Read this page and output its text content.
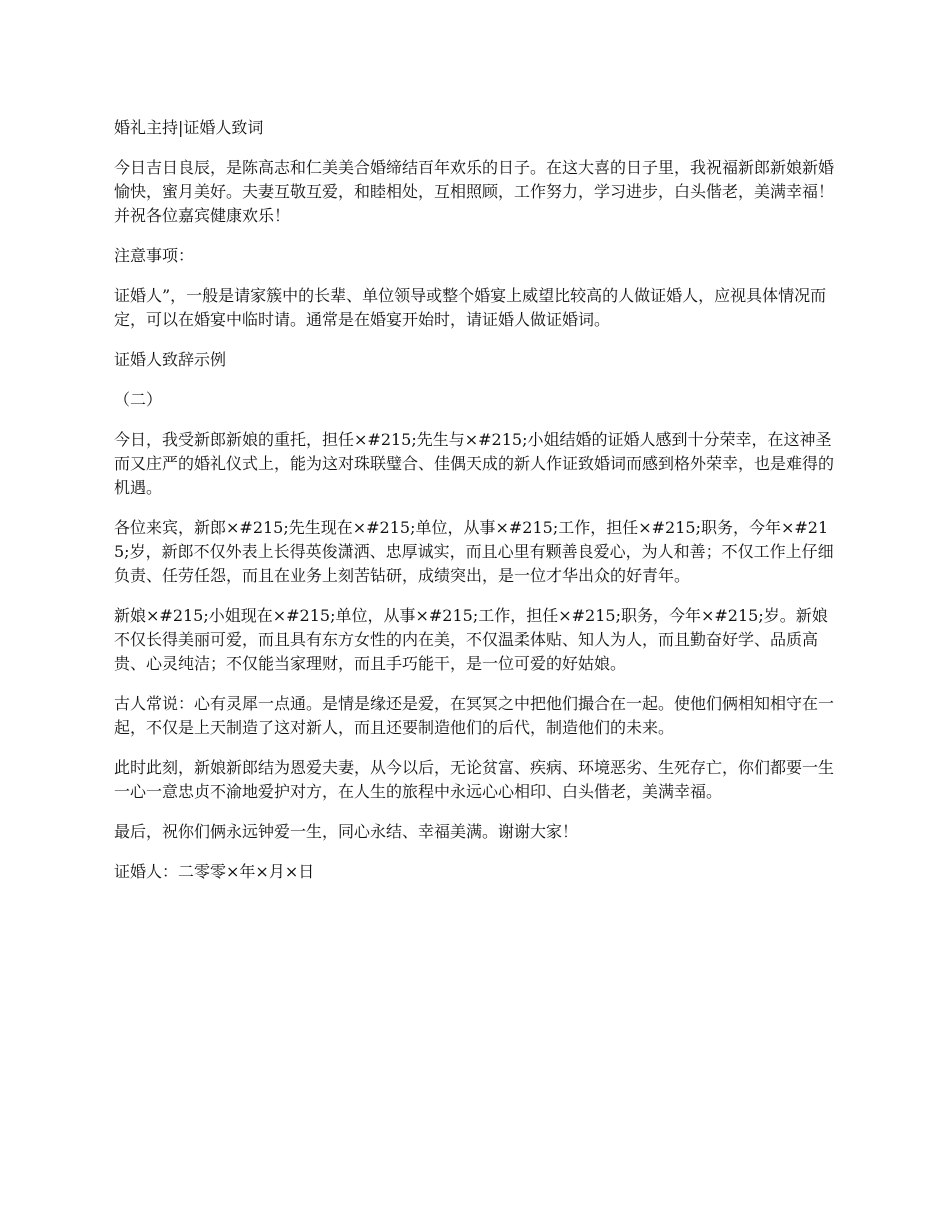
婚礼主持|证婚人致词

今日吉日良辰，是陈高志和仁美美合婚缔结百年欢乐的日子。在这大喜的日子里，我祝福新郎新娘新婚愉快，蜜月美好。夫妻互敬互爱，和睦相处，互相照顾，工作努力，学习进步，白头偕老，美满幸福！并祝各位嘉宾健康欢乐！

注意事项：

证婚人”，一般是请家簇中的长辈、单位领导或整个婚宴上威望比较高的人做证婚人，应视具体情况而定，可以在婚宴中临时请。通常是在婚宴开始时，请证婚人做证婚词。

证婚人致辞示例

（二）

今日，我受新郎新娘的重托，担任×#215;先生与×#215;小姐结婚的证婚人感到十分荣幸，在这神圣而又庄严的婚礼仪式上，能为这对珠联璧合、佳偶天成的新人作证致婚词而感到格外荣幸，也是难得的机遇。

各位来宾，新郎×#215;先生现在×#215;单位，从事×#215;工作，担任×#215;职务，今年×#215;岁，新郎不仅外表上长得英俊潇洒、忠厚诚实，而且心里有颗善良爱心，为人和善；不仅工作上仔细负责、任劳任怨，而且在业务上刻苦钻研，成绩突出，是一位才华出众的好青年。

新娘×#215;小姐现在×#215;单位，从事×#215;工作，担任×#215;职务，今年×#215;岁。新娘不仅长得美丽可爱，而且具有东方女性的内在美，不仅温柔体贴、知人为人，而且勤奋好学、品质高贵、心灵纯洁；不仅能当家理财，而且手巧能干，是一位可爱的好姑娘。

古人常说：心有灵犀一点通。是情是缘还是爱，在冥冥之中把他们撮合在一起。使他们俩相知相守在一起，不仅是上天制造了这对新人，而且还要制造他们的后代，制造他们的未来。

此时此刻，新娘新郎结为恩爱夫妻，从今以后，无论贫富、疾病、环境恶劣、生死存亡，你们都要一生一心一意忠贞不渝地爱护对方，在人生的旅程中永远心心相印、白头偕老，美满幸福。

最后，祝你们俩永远钟爱一生，同心永结、幸福美满。谢谢大家！

证婚人：二零零×年×月×日
